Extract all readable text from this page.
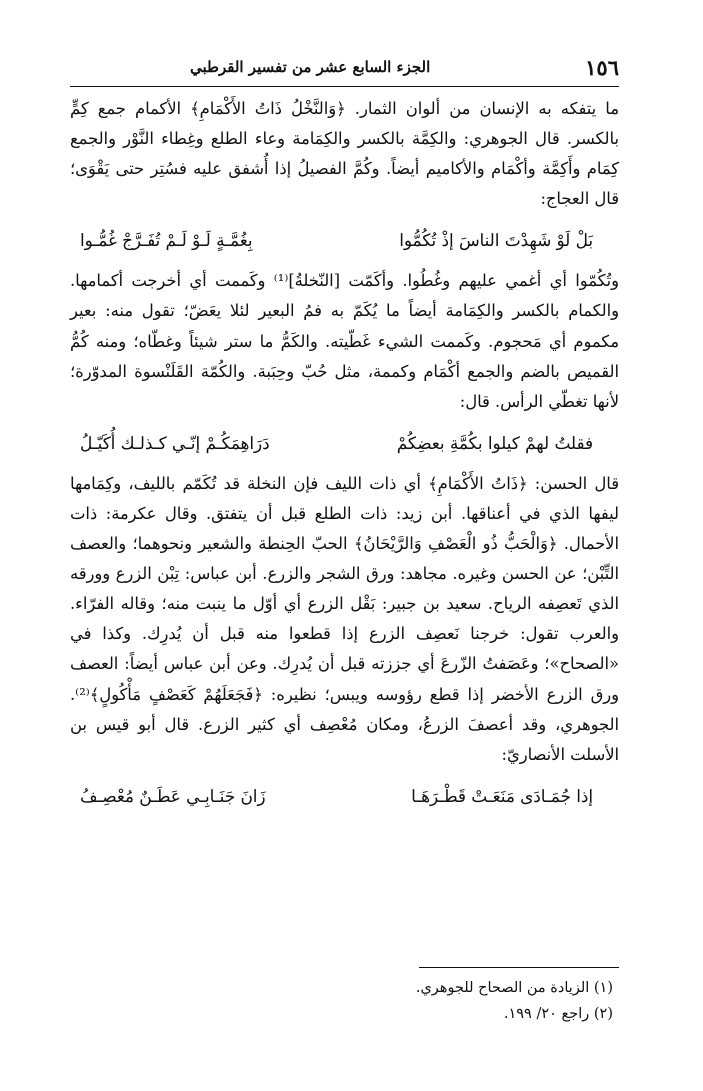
١٥٦
الجزء السابع عشر من تفسير القرطبي

ما يتفكه به الإنسان من ألوان الثمار. ﴿وَالنَّخْلُ ذَاتُ الأَكْمَامِ﴾ الأكمام جمع كِمٍّ بالكسر. قال الجوهري: والكِمَّة بالكسر والكِمَامة وعاء الطلع وغِطاء النَّوْر والجمع كِمَام وأَكِمَّة وأكْمَام والأكاميم أيضاً. وكُمَّ الفصيلُ إذا أُشفق عليه فسُتِر حتى يَقْوَى؛ قال العجاج:

بَلْ لَوْ شَهِدْتَ الناسَ إذْ تُكُمُّوا
بِغُمَّـةٍ لَـوْ لَـمْ تُفَـرَّجْ غُمُّـوا

وتُكُمّوا أي أغمي عليهم وغُطُوا. وأكَمّت [النّخلةُ]⁽¹⁾ وكَممت أي أخرجت أكمامها. والكمام بالكسر والكِمَامة أيضاً ما يُكَمّ به فمُ البعير لئلا يعَضّ؛ تقول منه: بعير مكموم أي مَحجوم. وكَممت الشيء غَطّيته. والكَمُّ ما ستر شيئاً وغطّاه؛ ومنه كُمُّ القميص بالضم والجمع أكْمَام وكممة، مثل حُبّ وحِبَبة. والكُمّة القَلَنْسوة المدوّرة؛ لأنها تغطّي الرأس. قال:

فقلتُ لهمْ كيلوا بكُمَّةِ بعضِكُمْ
دَرَاهِمَكُـمْ إنّـي كـذلـك أُكَيّـلُ

قال الحسن: ﴿ذَاتُ الأَكْمَامِ﴾ أي ذات الليف فإن النخلة قد تُكَمّم بالليف، وكِمَامها ليفها الذي في أعناقها. أبن زيد: ذات الطلع قبل أن يتفتق. وقال عكرمة: ذات الأحمال. ﴿وَالْحَبُّ ذُو الْعَصْفِ وَالرَّيْحَانُ﴾ الحبّ الحِنطة والشعير ونحوهما؛ والعصف التِّبْن؛ عن الحسن وغيره. مجاهد: ورق الشجر والزرع. أبن عباس: تِبْن الزرع وورقه الذي تَعصِفه الرياح. سعيد بن جبير: بَقْل الزرع أي أوّل ما ينبت منه؛ وقاله الفرّاء. والعرب تقول: خرجنا نَعصِف الزرع إذا قطعوا منه قبل أن يُدرِك. وكذا في «الصحاح»؛ وعَصَفتُ الزّرعَ أي جززته قبل أن يُدرِك. وعن أبن عباس أيضاً: العصف ورق الزرع الأخضر إذا قطع رؤوسه ويبس؛ نظيره: ﴿فَجَعَلَهُمْ كَعَصْفٍ مَأْكُولٍ﴾⁽²⁾. الجوهري، وقد أعصفَ الزرعُ، ومكان مُعْصِف أي كثير الزرع. قال أبو قيس بن الأسلت الأنصاريّ:

إذا جُمَـادَى مَنَعَـتْ قَطْـرَهَـا
زَانَ جَنَـابِـي عَطَـنٌ مُعْصِـفُ
(١) الزيادة من الصحاح للجوهري.
(٢) راجع ٢٠/ ١٩٩.
